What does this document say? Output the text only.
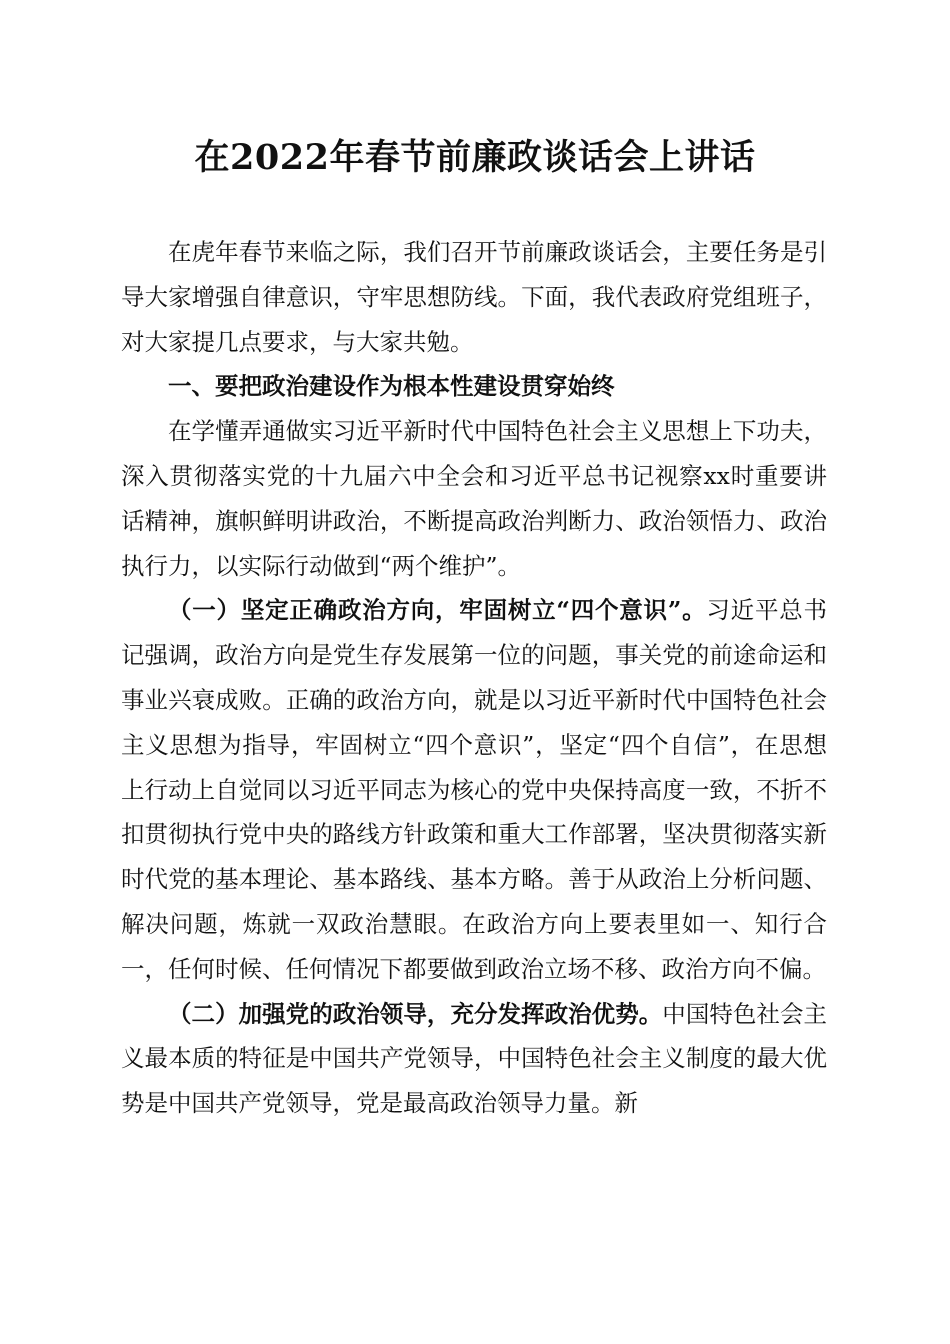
在2022年春节前廉政谈话会上讲话

在虎年春节来临之际，我们召开节前廉政谈话会，主要任务是引导大家增强自律意识，守牢思想防线。下面，我代表政府党组班子，对大家提几点要求，与大家共勉。

一、要把政治建设作为根本性建设贯穿始终

在学懂弄通做实习近平新时代中国特色社会主义思想上下功夫，深入贯彻落实党的十九届六中全会和习近平总书记视察xx时重要讲话精神，旗帜鲜明讲政治，不断提高政治判断力、政治领悟力、政治执行力，以实际行动做到“两个维护”。

（一）坚定正确政治方向，牢固树立“四个意识”。习近平总书记强调，政治方向是党生存发展第一位的问题，事关党的前途命运和事业兴衰成败。正确的政治方向，就是以习近平新时代中国特色社会主义思想为指导，牢固树立“四个意识”，坚定“四个自信”，在思想上行动上自觉同以习近平同志为核心的党中央保持高度一致，不折不扣贯彻执行党中央的路线方针政策和重大工作部署，坚决贯彻落实新时代党的基本理论、基本路线、基本方略。善于从政治上分析问题、解决问题，炼就一双政治慧眼。在政治方向上要表里如一、知行合一，任何时候、任何情况下都要做到政治立场不移、政治方向不偏。

（二）加强党的政治领导，充分发挥政治优势。中国特色社会主义最本质的特征是中国共产党领导，中国特色社会主义制度的最大优势是中国共产党领导，党是最高政治领导力量。新
